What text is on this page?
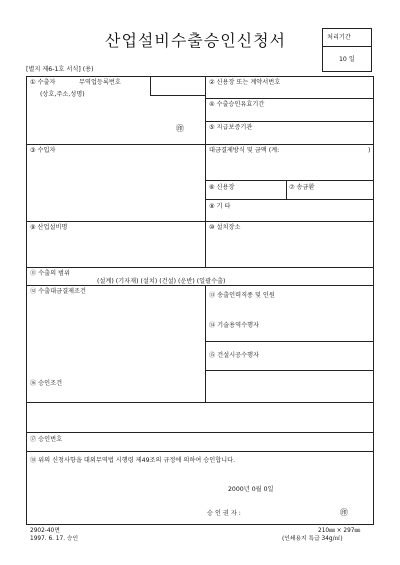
산업설비수출승인신청서	처리기간
10 일
[별지 제6-1호 서식] (용)
① 수출자	무역업등록번호
(상호,주소,성명)
㊞
② 신용장 또는 계약서번호
④ 수출승인유효기간
⑤ 지급보증기관
③ 수입자	대금결제방식 및 금액 (계:	)
⑥ 신용장	⑦ 송금환
⑧ 기 타
⑨ 산업설비명	⑩ 설치장소
⑪ 수출의 범위
(설계) (기자재) (설치) (건설) (운반) (일괄수출)
⑫ 수출대금결제조건
⑬ 송출인력직종 및 인원
⑭ 기술용역수행자
⑮ 건설시공수행자
⑯ 승인조건
⑰ 승인번호
⑱ 위의 신청사항을 대외무역법 시행령 제49조의 규정에 의하여 승인합니다.
2000년 0월 0일
승 인 권 자 :	㊞
2902-40면
1997. 6. 17. 승인
210㎜ × 297㎜
(인쇄용지 특급 34g/㎡)
